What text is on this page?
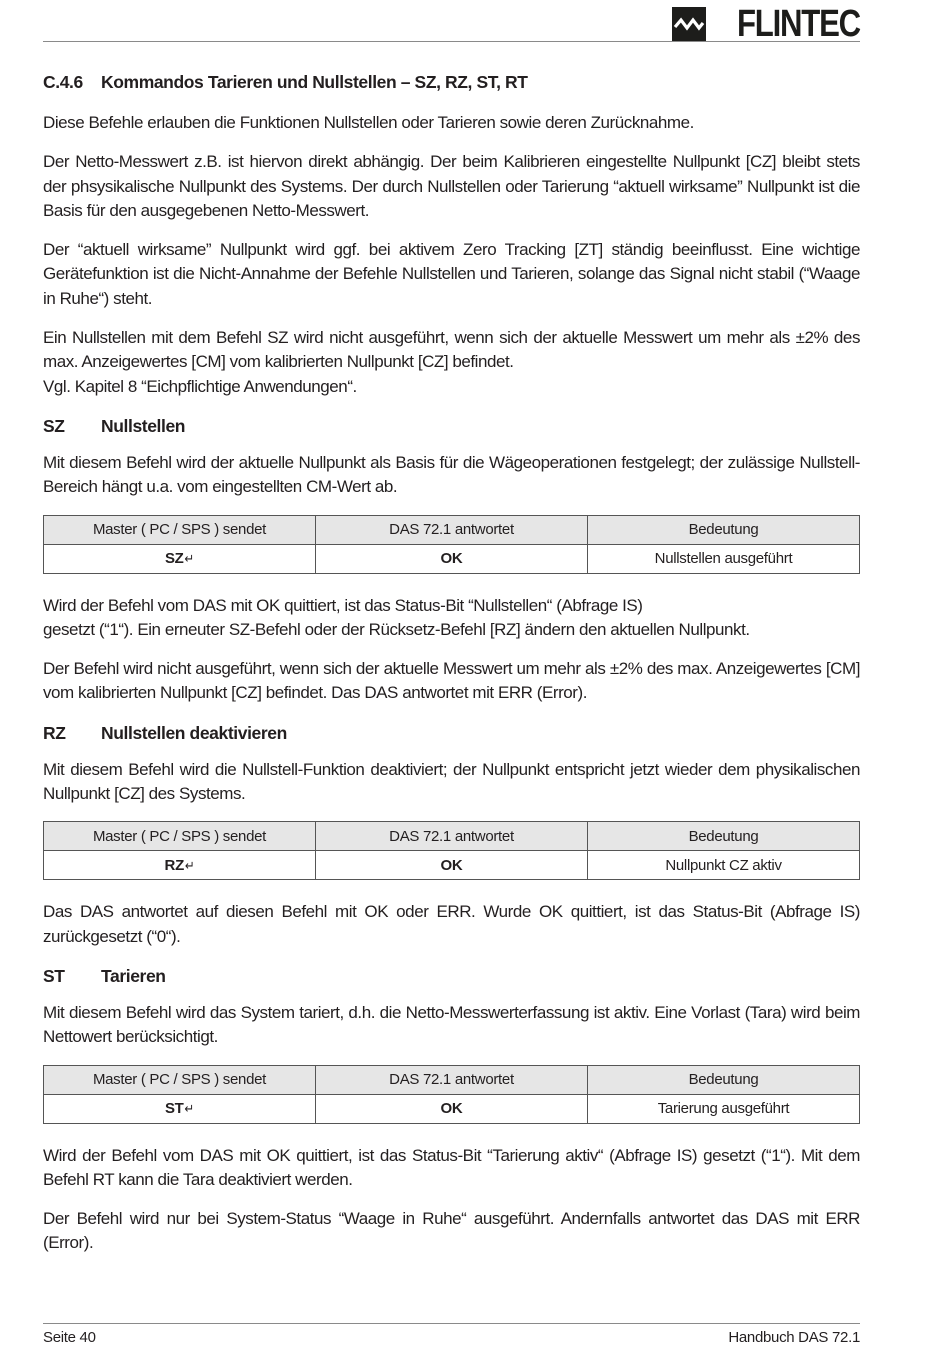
FLINTEC
C.4.6 Kommandos Tarieren und Nullstellen – SZ, RZ, ST, RT

Diese Befehle erlauben die Funktionen Nullstellen oder Tarieren sowie deren Zurücknahme.

Der Netto-Messwert z.B. ist hiervon direkt abhängig. Der beim Kalibrieren eingestellte Nullpunkt [CZ] bleibt stets der phsysikalische Nullpunkt des Systems. Der durch Nullstellen oder Tarierung “aktuell wirksame” Nullpunkt ist die Basis für den ausgegebenen Netto-Messwert.

Der “aktuell wirksame” Nullpunkt wird ggf. bei aktivem Zero Tracking [ZT] ständig beeinflusst. Eine wichtige Gerätefunktion ist die Nicht-Annahme der Befehle Nullstellen und Tarieren, solange das Signal nicht stabil (“Waage in Ruhe“) steht.

Ein Nullstellen mit dem Befehl SZ wird nicht ausgeführt, wenn sich der aktuelle Messwert um mehr als ±2% des max. Anzeigewertes [CM] vom kalibrierten Nullpunkt [CZ] befindet.
Vgl. Kapitel 8 “Eichpflichtige Anwendungen“.

SZ Nullstellen

Mit diesem Befehl wird der aktuelle Nullpunkt als Basis für die Wägeoperationen festgelegt; der zulässige Nullstell-Bereich hängt u.a. vom eingestellten CM-Wert ab.

Master ( PC / SPS ) sendet	DAS 72.1 antwortet	Bedeutung
SZ↵	OK	Nullstellen ausgeführt

Wird der Befehl vom DAS mit OK quittiert, ist das Status-Bit “Nullstellen“ (Abfrage IS)
gesetzt (“1“). Ein erneuter SZ-Befehl oder der Rücksetz-Befehl [RZ] ändern den aktuellen Nullpunkt.

Der Befehl wird nicht ausgeführt, wenn sich der aktuelle Messwert um mehr als ±2% des max. Anzeigewertes [CM] vom kalibrierten Nullpunkt [CZ] befindet. Das DAS antwortet mit ERR (Error).

RZ Nullstellen deaktivieren

Mit diesem Befehl wird die Nullstell-Funktion deaktiviert; der Nullpunkt entspricht jetzt wieder dem physikalischen Nullpunkt [CZ] des Systems.

Master ( PC / SPS ) sendet	DAS 72.1 antwortet	Bedeutung
RZ↵	OK	Nullpunkt CZ aktiv

Das DAS antwortet auf diesen Befehl mit OK oder ERR. Wurde OK quittiert, ist das Status-Bit (Abfrage IS) zurückgesetzt (“0“).

ST Tarieren

Mit diesem Befehl wird das System tariert, d.h. die Netto-Messwerterfassung ist aktiv. Eine Vorlast (Tara) wird beim Nettowert berücksichtigt.

Master ( PC / SPS ) sendet	DAS 72.1 antwortet	Bedeutung
ST↵	OK	Tarierung ausgeführt

Wird der Befehl vom DAS mit OK quittiert, ist das Status-Bit “Tarierung aktiv“ (Abfrage IS) gesetzt (“1“). Mit dem Befehl RT kann die Tara deaktiviert werden.

Der Befehl wird nur bei System-Status “Waage in Ruhe“ ausgeführt. Andernfalls antwortet das DAS mit ERR (Error).

Seite 40	Handbuch DAS 72.1
